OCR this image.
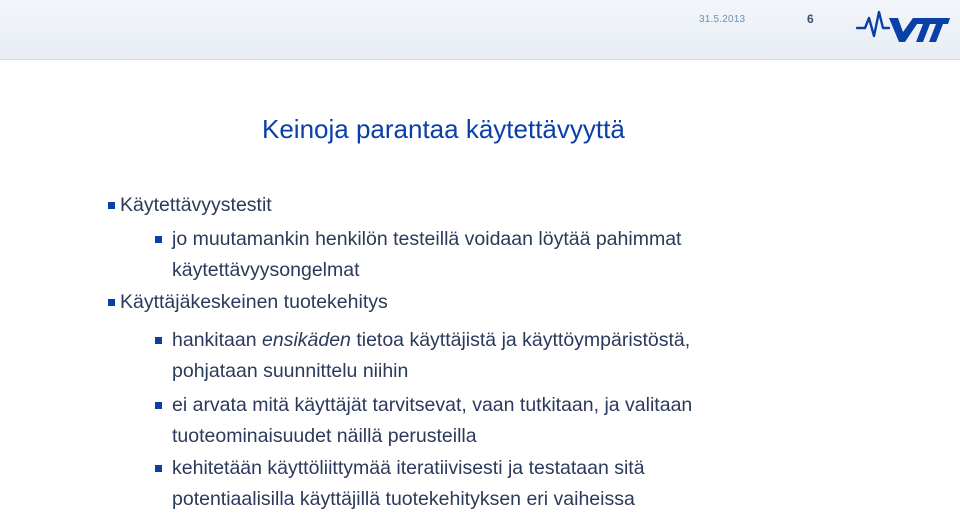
31.5.2013	6
Keinoja parantaa käytettävyyttä
Käytettävyystestit
jo muutamankin henkilön testeillä voidaan löytää pahimmat
käytettävyysongelmat
Käyttäjäkeskeinen tuotekehitys
hankitaan ensikäden tietoa käyttäjistä ja käyttöympäristöstä,
pohjataan suunnittelu niihin
ei arvata mitä käyttäjät tarvitsevat, vaan tutkitaan, ja valitaan
tuoteominaisuudet näillä perusteilla
kehitetään käyttöliittymää iteratiivisesti ja testataan sitä
potentiaalisilla käyttäjillä tuotekehityksen eri vaiheissa
